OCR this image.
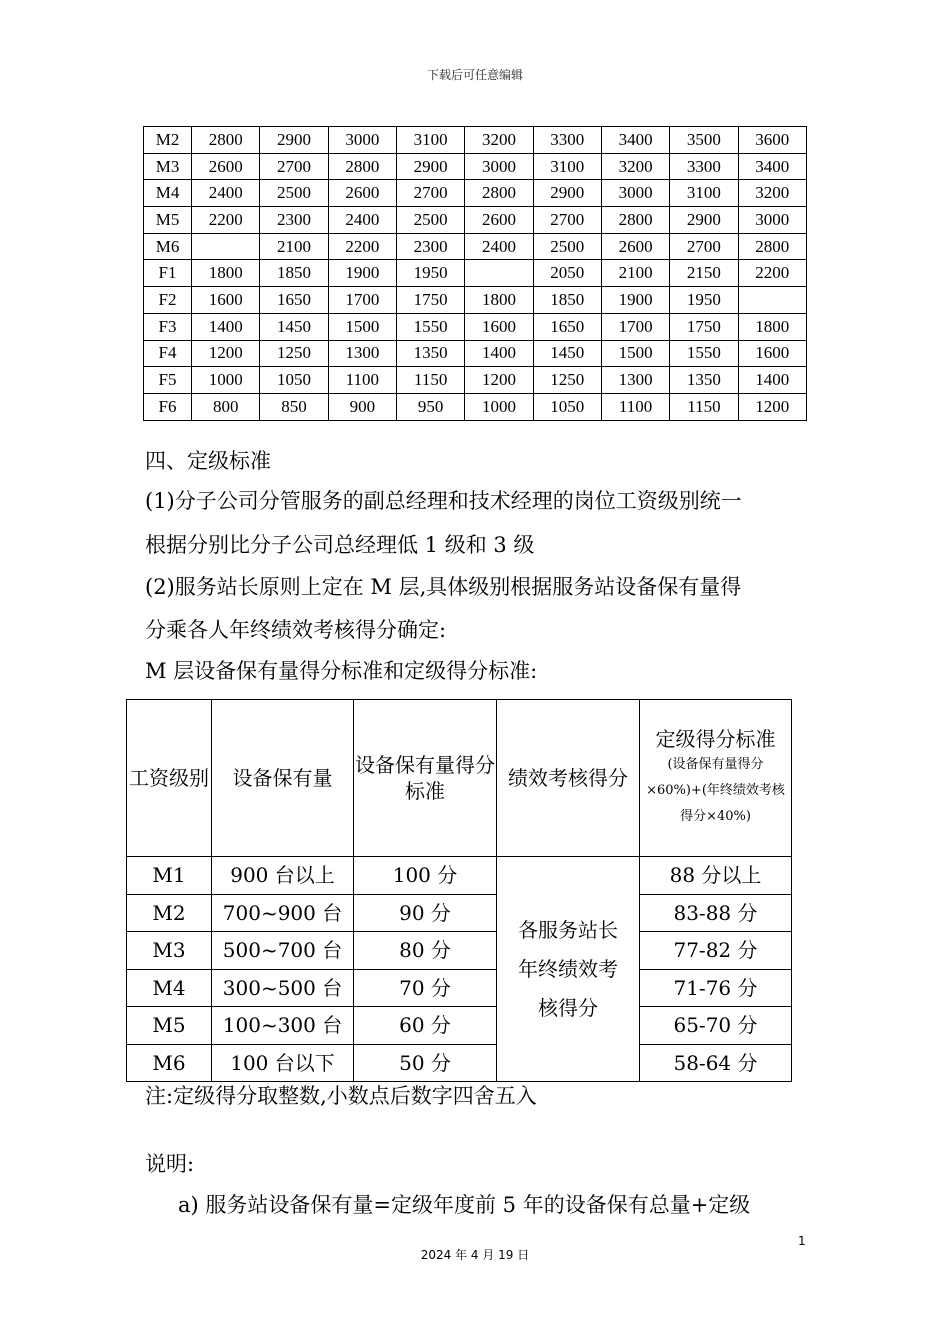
下载后可任意编辑
M2	2800	2900	3000	3100	3200	3300	3400	3500	3600
M3	2600	2700	2800	2900	3000	3100	3200	3300	3400
M4	2400	2500	2600	2700	2800	2900	3000	3100	3200
M5	2200	2300	2400	2500	2600	2700	2800	2900	3000
M6		2100	2200	2300	2400	2500	2600	2700	2800
F1	1800	1850	1900	1950		2050	2100	2150	2200
F2	1600	1650	1700	1750	1800	1850	1900	1950	
F3	1400	1450	1500	1550	1600	1650	1700	1750	1800
F4	1200	1250	1300	1350	1400	1450	1500	1550	1600
F5	1000	1050	1100	1150	1200	1250	1300	1350	1400
F6	800	850	900	950	1000	1050	1100	1150	1200
四、定级标准
(1)分子公司分管服务的副总经理和技术经理的岗位工资级别统一
根据分别比分子公司总经理低 1 级和 3 级
(2)服务站长原则上定在 M 层,具体级别根据服务站设备保有量得
分乘各人年终绩效考核得分确定:
M 层设备保有量得分标准和定级得分标准:
工资级别	设备保有量	设备保有量得分标准	绩效考核得分	定级得分标准
(设备保有量得分×60%)+(年终绩效考核得分×40%)

M1	900 台以上	100 分	各服务站长年终绩效考核得分	88 分以上
M2	700~900 台	90 分		83-88 分
M3	500~700 台	80 分		77-82 分
M4	300~500 台	70 分		71-76 分
M5	100~300 台	60 分		65-70 分
M6	100 台以下	50 分		58-64 分
注:定级得分取整数,小数点后数字四舍五入
说明:
a) 服务站设备保有量=定级年度前 5 年的设备保有总量+定级
1
2024 年 4 月 19 日
